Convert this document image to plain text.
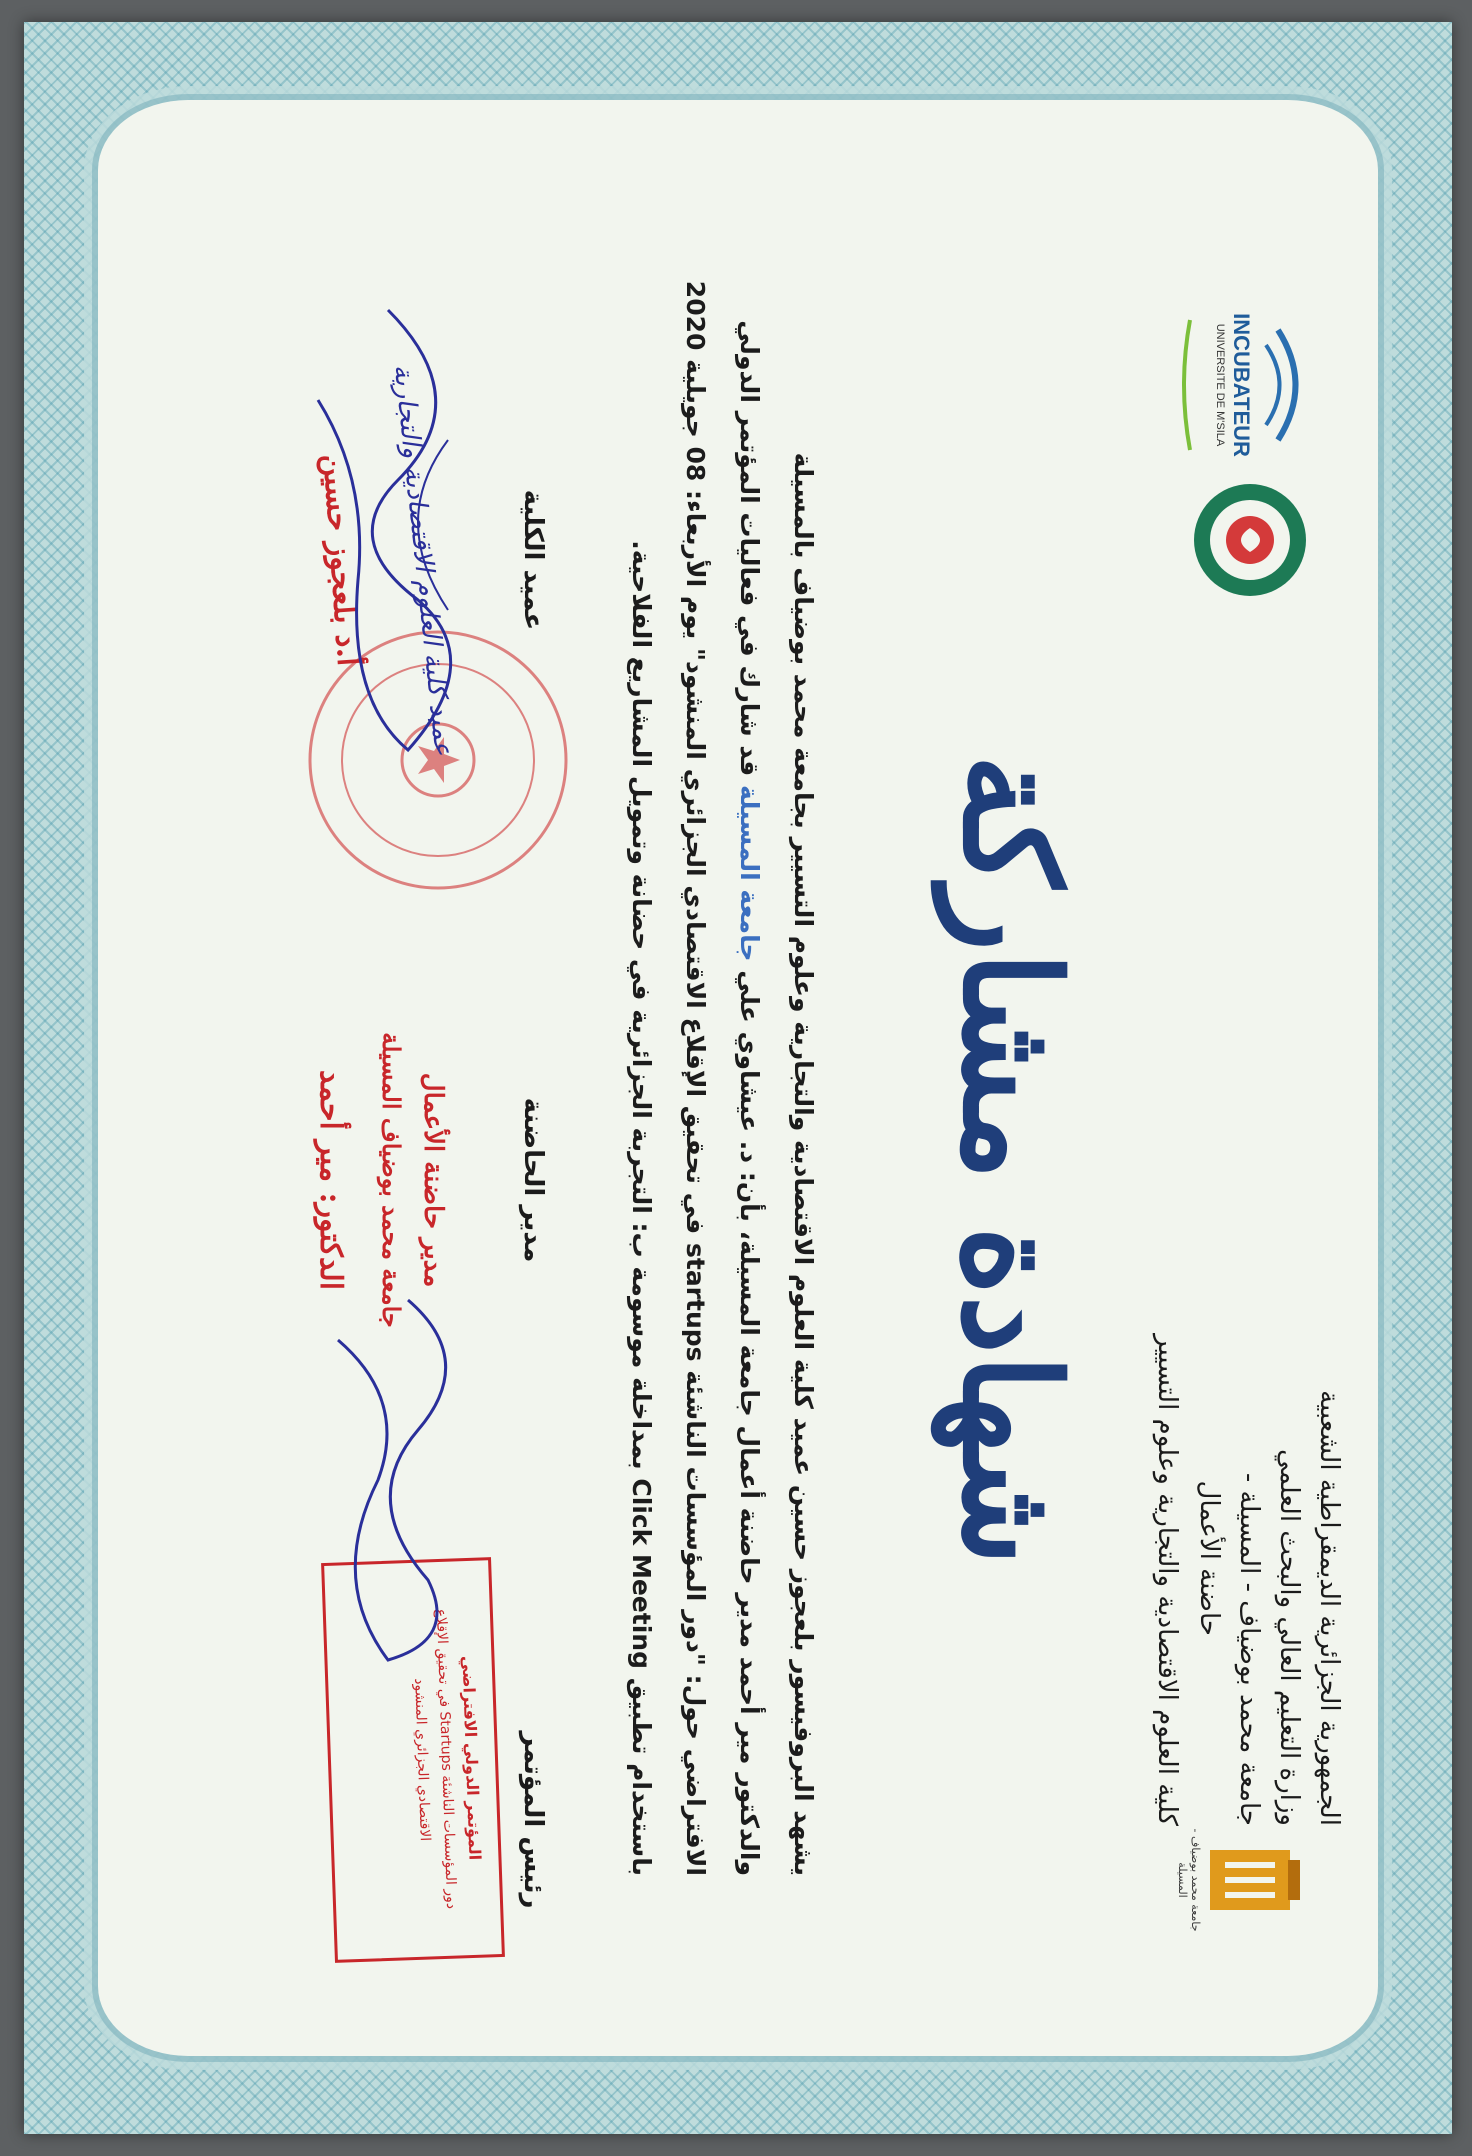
INCUBATEUR
UNIVERSITE DE M'SILA
الجمهورية الجزائرية الديمقراطية الشعبية
وزارة التعليم العالي والبحث العلمي
جامعة محمد بوضياف - المسيلة -
حاضنة الأعمال
كلية العلوم الاقتصادية والتجارية وعلوم التسيير
جامعة محمد بوضياف - المسيلة
شهادة مشاركة
يشهد البروفيسور بلعجوز حسين عميد كلية العلوم الاقتصادية والتجارية وعلوم التسيير بجامعة محمد بوضياف بالمسيلة
والدكتور مير أحمد مدير حاضنة أعمال جامعة المسيلة، بأن: د. عيشاوي علي جامعة المسيلة قد شارك في فعاليات المؤتمر الدولي
الافتراضي حول: "دور المؤسسات الناشئة startups في تحقيق الإقلاع الاقتصادي الجزائري المنشود" يوم الأربعاء: 08 جويلية 2020
باستخدام تطبيق Click Meeting بمداخلة موسومة ب: التجربة الجزائرية في حضانة وتمويل المشاريع الفلاحية.
رئيس المؤتمر
المؤتمر الدولي الافتراضي
دور المؤسسات الناشئة Startups في تحقيق الإقلاع
الاقتصادي الجزائري المنشود
مدير الحاضنة
مدير حاضنة الأعمال
جامعة محمد بوضياف المسيلة
الدكتور: مير أحمد
عميد الكلية
عميد كلية العلوم الاقتصادية والتجارية
أ.د بلعجوز حسين
